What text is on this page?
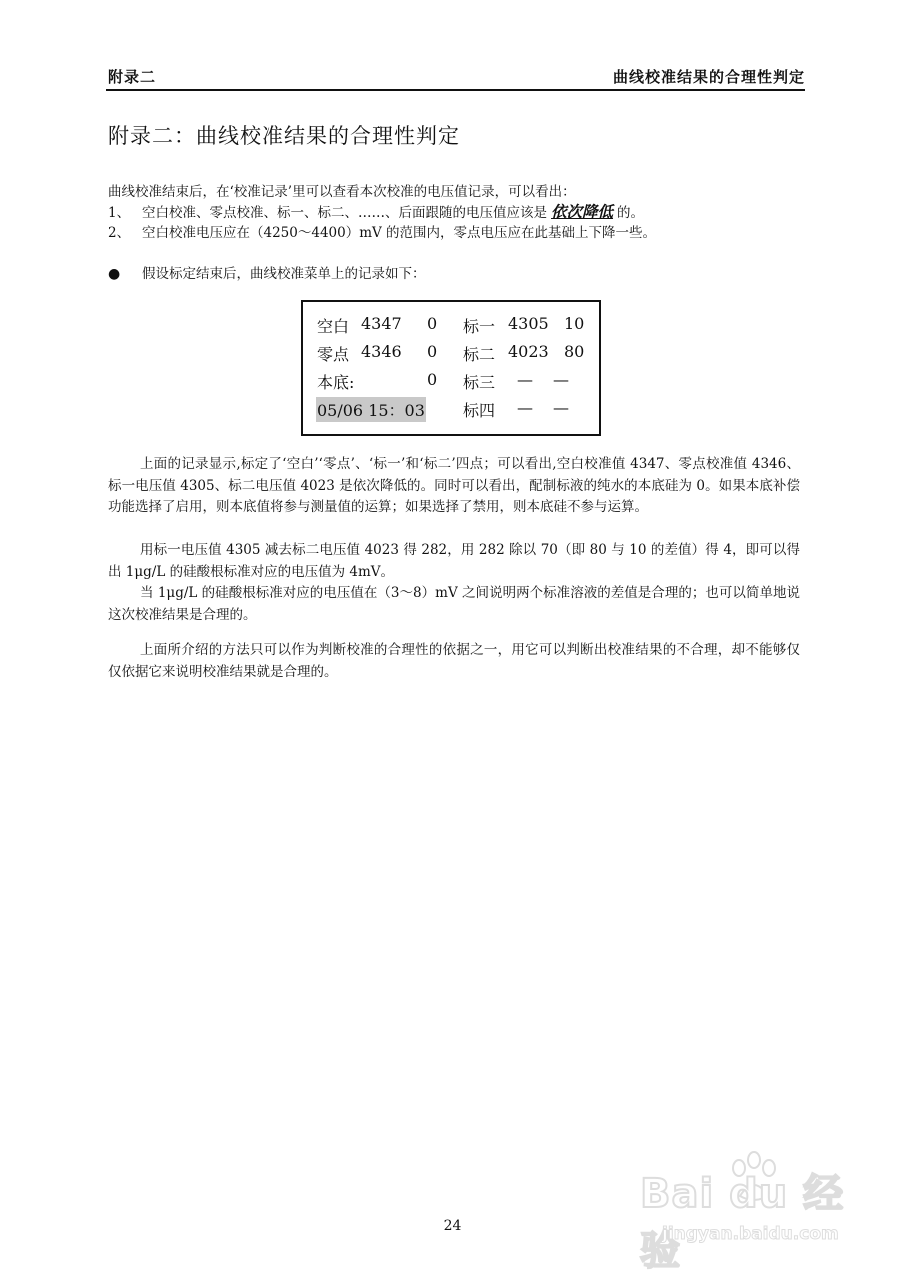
附录二	曲线校准结果的合理性判定
附录二：曲线校准结果的合理性判定
曲线校准结束后，在‘校准记录’里可以查看本次校准的电压值记录，可以看出：
1、 空白校准、零点校准、标一、标二、……、后面跟随的电压值应该是 依次降低 的。
2、 空白校准电压应在（4250～4400）mV 的范围内，零点电压应在此基础上下降一些。
● 假设标定结束后，曲线校准菜单上的记录如下：
空白 4347 0 标一 4305 10
零点 4346 0 标二 4023 80
本底:	0 标三 — —
05/06 15：03 标四 — —
上面的记录显示,标定了‘空白’‘零点’、‘标一’和‘标二’四点；可以看出,空白校准值 4347、零点校准值 4346、标一电压值 4305、标二电压值 4023 是依次降低的。同时可以看出，配制标液的纯水的本底硅为 0。如果本底补偿功能选择了启用，则本底值将参与测量值的运算；如果选择了禁用，则本底硅不参与运算。
用标一电压值 4305 减去标二电压值 4023 得 282，用 282 除以 70（即 80 与 10 的差值）得 4，即可以得出 1μg/L 的硅酸根标准对应的电压值为 4mV。
当 1μg/L 的硅酸根标准对应的电压值在（3～8）mV 之间说明两个标准溶液的差值是合理的；也可以简单地说这次校准结果是合理的。
上面所介绍的方法只可以作为判断校准的合理性的依据之一，用它可以判断出校准结果的不合理，却不能够仅仅依据它来说明校准结果就是合理的。
24
Bai du 经验
jingyan.baidu.com
